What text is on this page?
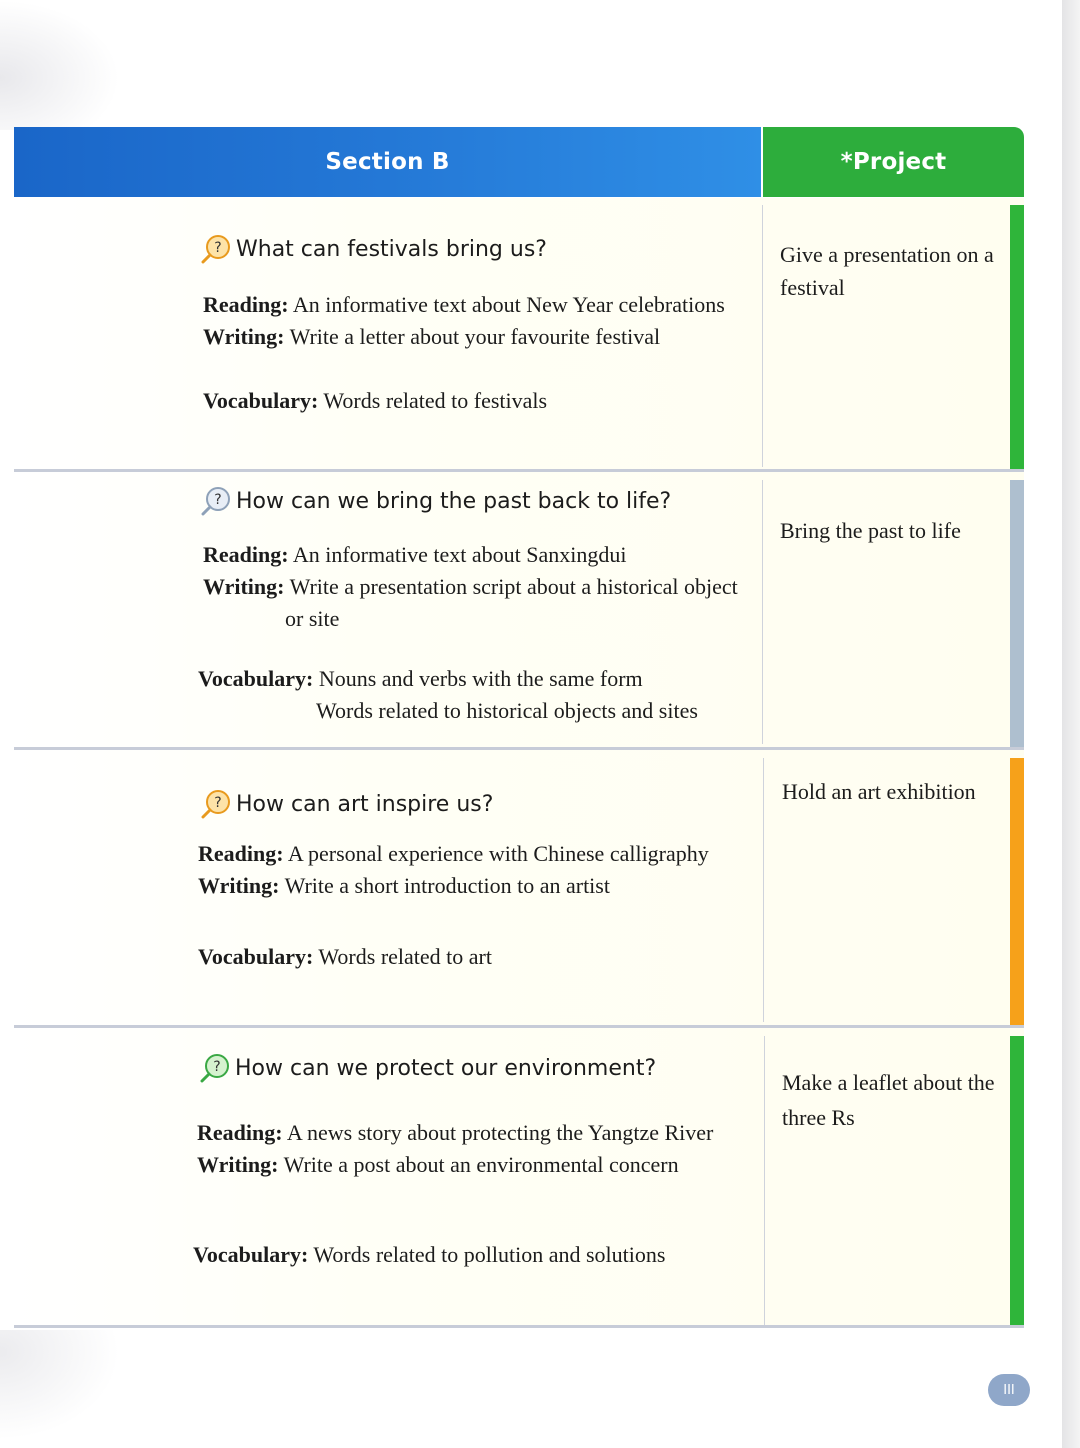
Section B	*Project
? What can festivals bring us?
Reading: An informative text about New Year celebrations
Writing: Write a letter about your favourite festival
Vocabulary: Words related to festivals
Give a presentation on a festival
? How can we bring the past back to life?
Reading: An informative text about Sanxingdui
Writing: Write a presentation script about a historical object
or site
Vocabulary: Nouns and verbs with the same form
Words related to historical objects and sites
Bring the past to life
? How can art inspire us?
Reading: A personal experience with Chinese calligraphy
Writing: Write a short introduction to an artist
Vocabulary: Words related to art
Hold an art exhibition
? How can we protect our environment?
Reading: A news story about protecting the Yangtze River
Writing: Write a post about an environmental concern
Vocabulary: Words related to pollution and solutions
Make a leaflet about the three Rs
III
